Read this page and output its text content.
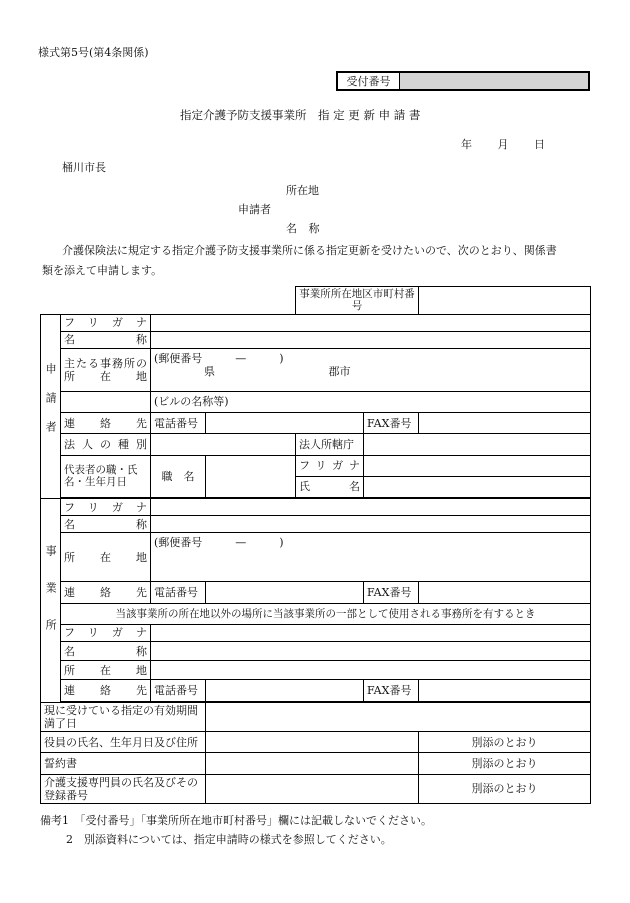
様式第5号(第4条関係)
受付番号
指定介護予防支援事業所　指 定 更 新 申 請 書
年 月 日
桶川市長
所在地
申請者
名 称
介護保険法に規定する指定介護予防支援事業所に係る指定更新を受けたいので、次のとおり、関係書
類を添えて申請します。
				事業所所在地区市町村番号		
申請者	フリガナ					
	名称					
	主たる事務所の所在地	(郵便番号　　　—　　　)
県 郡市				

		(ビルの名称等)				
	連絡先	電話番号			FAX番号	
	法人の種別			法人所轄庁		
	代表者の職・氏名・生年月日	職　名		フリガナ		
				氏名		

事業所	フリガナ					
	名称					
	所在地	(郵便番号　　　—　　　)				

	連絡先	電話番号			FAX番号	
	当該事業所の所在地以外の場所に当該事業所の一部として使用される事務所を有するとき					
	フリガナ					
	名称					
	所在地					
	連絡先	電話番号			FAX番号	

現に受けている指定の有効期間満了日						
役員の氏名、生年月日及び住所						別添のとおり
誓約書						別添のとおり
介護支援専門員の氏名及びその登録番号						別添のとおり
備考1　「受付番号」「事業所所在地市町村番号」欄には記載しないでください。
2　別添資料については、指定申請時の様式を参照してください。
